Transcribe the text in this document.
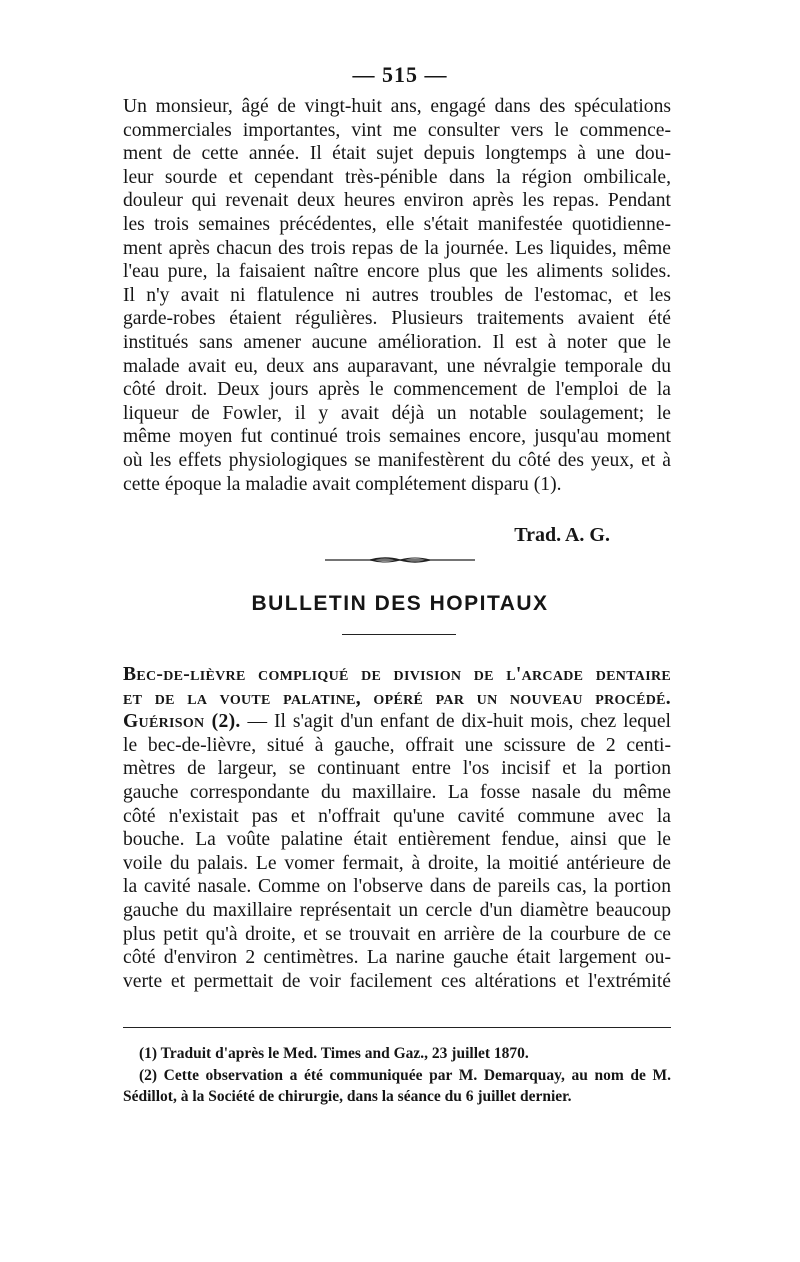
— 515 —
Un monsieur, âgé de vingt-huit ans, engagé dans des spéculations
commerciales importantes, vint me consulter vers le commence-
ment de cette année. Il était sujet depuis longtemps à une dou-
leur sourde et cependant très-pénible dans la région ombilicale,
douleur qui revenait deux heures environ après les repas. Pendant
les trois semaines précédentes, elle s'était manifestée quotidienne-
ment après chacun des trois repas de la journée. Les liquides, même
l'eau pure, la faisaient naître encore plus que les aliments solides.
Il n'y avait ni flatulence ni autres troubles de l'estomac, et les
garde-robes étaient régulières. Plusieurs traitements avaient été
institués sans amener aucune amélioration. Il est à noter que le
malade avait eu, deux ans auparavant, une névralgie temporale du
côté droit. Deux jours après le commencement de l'emploi de la
liqueur de Fowler, il y avait déjà un notable soulagement; le
même moyen fut continué trois semaines encore, jusqu'au moment
où les effets physiologiques se manifestèrent du côté des yeux, et à
cette époque la maladie avait complétement disparu (1).
Trad. A. G.
BULLETIN DES HOPITAUX
Bec-de-lièvre compliqué de division de l'arcade dentaire
et de la voute palatine, opéré par un nouveau procédé.
Guérison (2). — Il s'agit d'un enfant de dix-huit mois, chez lequel
le bec-de-lièvre, situé à gauche, offrait une scissure de 2 centi-
mètres de largeur, se continuant entre l'os incisif et la portion
gauche correspondante du maxillaire. La fosse nasale du même
côté n'existait pas et n'offrait qu'une cavité commune avec la
bouche. La voûte palatine était entièrement fendue, ainsi que le
voile du palais. Le vomer fermait, à droite, la moitié antérieure de
la cavité nasale. Comme on l'observe dans de pareils cas, la portion
gauche du maxillaire représentait un cercle d'un diamètre beaucoup
plus petit qu'à droite, et se trouvait en arrière de la courbure de ce
côté d'environ 2 centimètres. La narine gauche était largement ou-
verte et permettait de voir facilement ces altérations et l'extrémité
(1) Traduit d'après le Med. Times and Gaz., 23 juillet 1870.
(2) Cette observation a été communiquée par M. Demarquay, au nom de M. Sédillot, à la Société de chirurgie, dans la séance du 6 juillet dernier.
